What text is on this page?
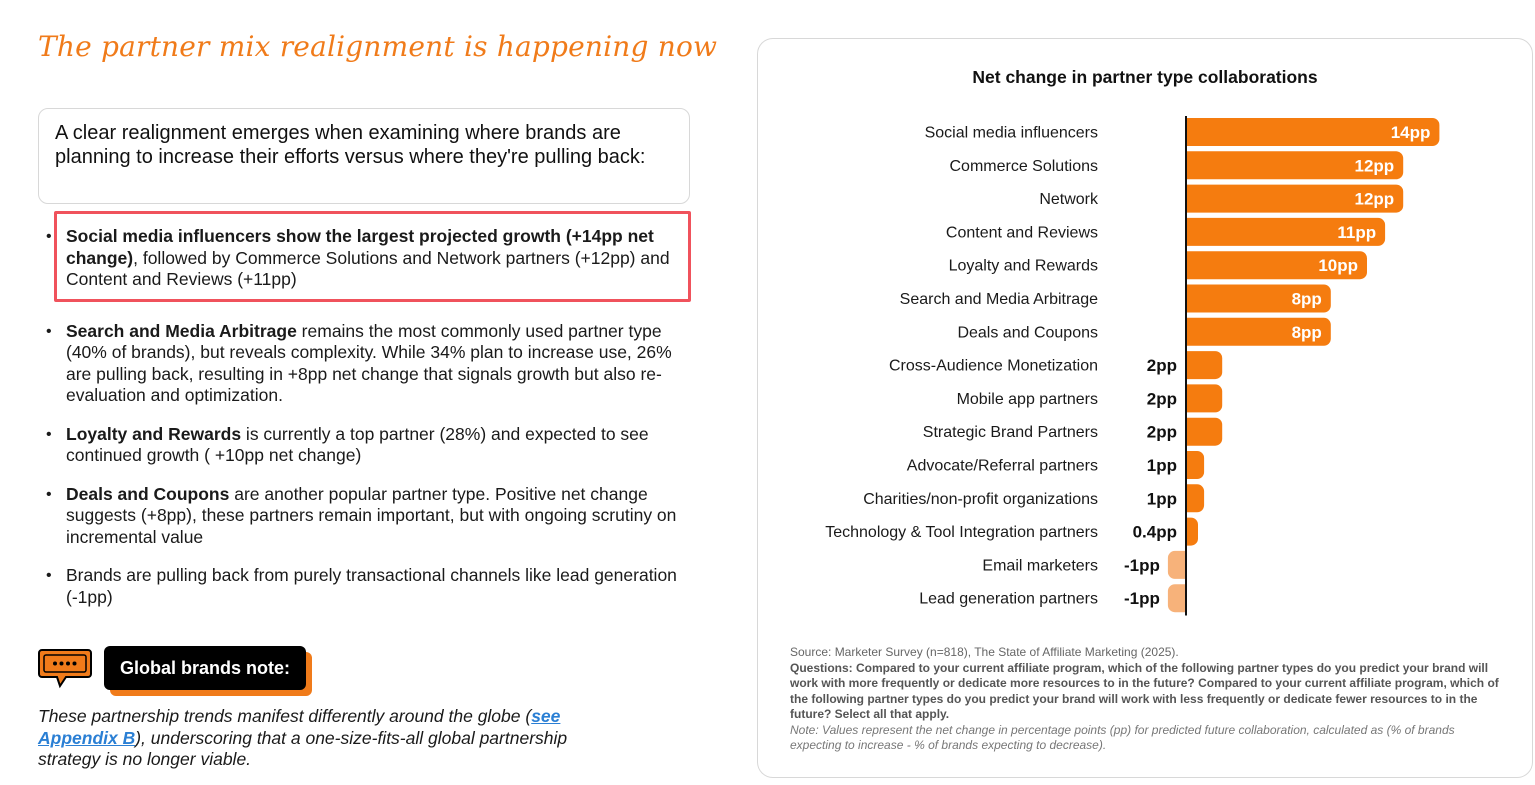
The partner mix realignment is happening now
A clear realignment emerges when examining where brands are planning to increase their efforts versus where they're pulling back:
• Social media influencers show the largest projected growth (+14pp net change), followed by Commerce Solutions and Network partners (+12pp) and Content and Reviews (+11pp)
• Search and Media Arbitrage remains the most commonly used partner type (40% of brands), but reveals complexity. While 34% plan to increase use, 26% are pulling back, resulting in +8pp net change that signals growth but also re-evaluation and optimization.
• Loyalty and Rewards is currently a top partner (28%) and expected to see continued growth ( +10pp net change)
• Deals and Coupons are another popular partner type. Positive net change suggests (+8pp), these partners remain important, but with ongoing scrutiny on incremental value
• Brands are pulling back from purely transactional channels like lead generation (-1pp)
Global brands note:
These partnership trends manifest differently around the globe (see Appendix B), underscoring that a one-size-fits-all global partnership strategy is no longer viable.
Net change in partner type collaborations
Social media influencers	14pp
Commerce Solutions	12pp
Network	12pp
Content and Reviews	11pp
Loyalty and Rewards	10pp
Search and Media Arbitrage	8pp
Deals and Coupons	8pp
Cross-Audience Monetization	2pp
Mobile app partners	2pp
Strategic Brand Partners	2pp
Advocate/Referral partners	1pp
Charities/non-profit organizations	1pp
Technology & Tool Integration partners 0.4pp
Email marketers -1pp
Lead generation partners -1pp
Source: Marketer Survey (n=818), The State of Affiliate Marketing (2025).
Questions: Compared to your current affiliate program, which of the following partner types do you predict your brand will work with more frequently or dedicate more resources to in the future? Compared to your current affiliate program, which of the following partner types do you predict your brand will work with less frequently or dedicate fewer resources to in the future? Select all that apply.
Note: Values represent the net change in percentage points (pp) for predicted future collaboration, calculated as (% of brands expecting to increase - % of brands expecting to decrease).
